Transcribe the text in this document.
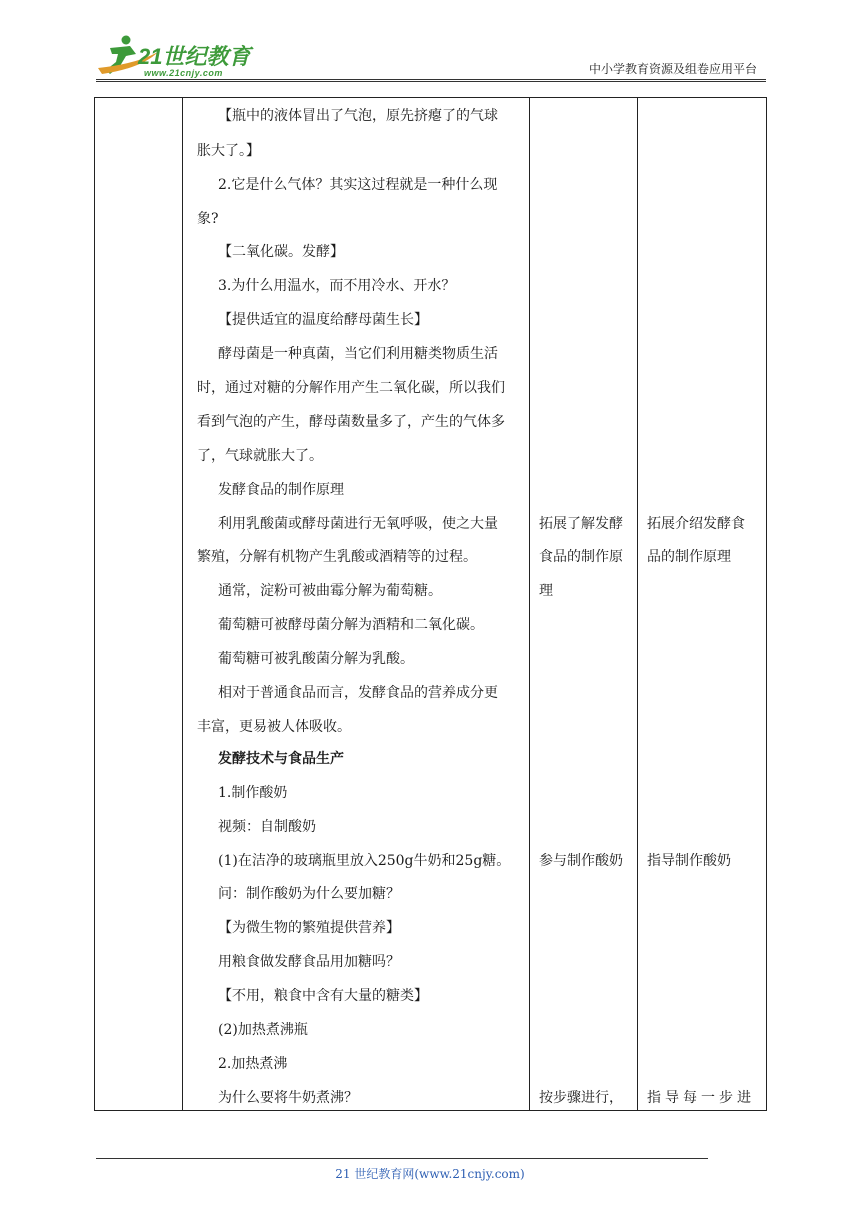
21世纪教育
www.21cnjy.com	中小学教育资源及组卷应用平台
【瓶中的液体冒出了气泡，原先挤瘪了的气球
胀大了。】
2.它是什么气体？其实这过程就是一种什么现
象?
【二氧化碳。发酵】
3.为什么用温水，而不用冷水、开水？
【提供适宜的温度给酵母菌生长】
酵母菌是一种真菌，当它们利用糖类物质生活
时，通过对糖的分解作用产生二氧化碳，所以我们
看到气泡的产生，酵母菌数量多了，产生的气体多
了，气球就胀大了。
发酵食品的制作原理
利用乳酸菌或酵母菌进行无氧呼吸，使之大量
繁殖，分解有机物产生乳酸或酒精等的过程。
通常，淀粉可被曲霉分解为葡萄糖。
葡萄糖可被酵母菌分解为酒精和二氧化碳。
葡萄糖可被乳酸菌分解为乳酸。
相对于普通食品而言，发酵食品的营养成分更
丰富，更易被人体吸收。
发酵技术与食品生产
1.制作酸奶
视频：自制酸奶
(1)在洁净的玻璃瓶里放入250g牛奶和25g糖。
问：制作酸奶为什么要加糖？
【为微生物的繁殖提供营养】
用粮食做发酵食品用加糖吗？
【不用，粮食中含有大量的糖类】
(2)加热煮沸瓶
2.加热煮沸
为什么要将牛奶煮沸？
拓展了解发酵
食品的制作原
理
参与制作酸奶
按步骤进行，
拓展介绍发酵食
品的制作原理
指导制作酸奶
指导每一步进
21 世纪教育网(www.21cnjy.com)
